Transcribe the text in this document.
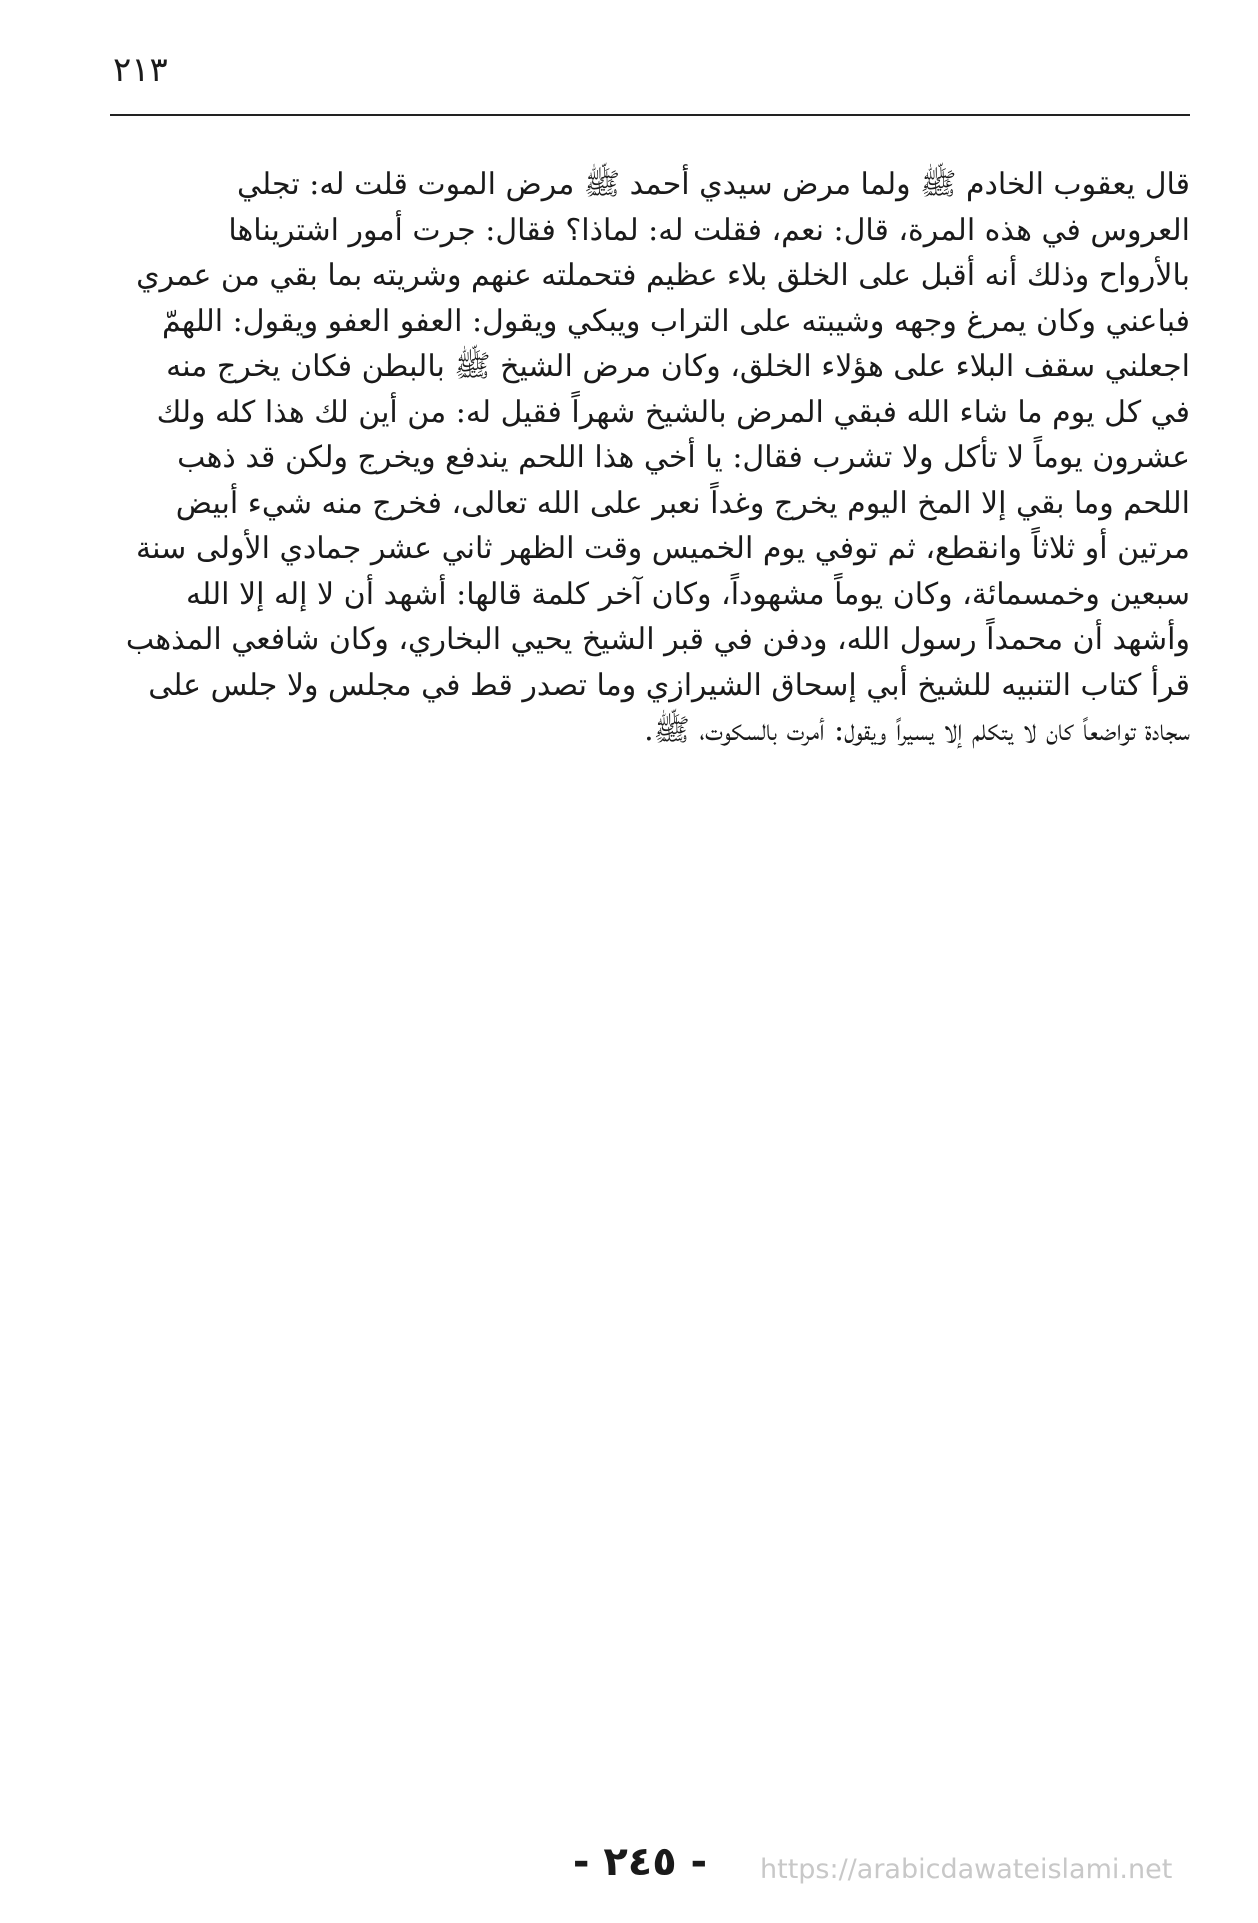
٢١٣
قال يعقوب الخادم ﷺ ولما مرض سيدي أحمد ﷺ مرض الموت قلت له: تجلي
العروس في هذه المرة، قال: نعم، فقلت له: لماذا؟ فقال: جرت أمور اشتريناها
بالأرواح وذلك أنه أقبل على الخلق بلاء عظيم فتحملته عنهم وشريته بما بقي من عمري
فباعني وكان يمرغ وجهه وشيبته على التراب ويبكي ويقول: العفو العفو ويقول: اللهمّ
اجعلني سقف البلاء على هؤلاء الخلق، وكان مرض الشيخ ﷺ بالبطن فكان يخرج منه
في كل يوم ما شاء الله فبقي المرض بالشيخ شهراً فقيل له: من أين لك هذا كله ولك
عشرون يوماً لا تأكل ولا تشرب فقال: يا أخي هذا اللحم يندفع ويخرج ولكن قد ذهب
اللحم وما بقي إلا المخ اليوم يخرج وغداً نعبر على الله تعالى، فخرج منه شيء أبيض
مرتين أو ثلاثاً وانقطع، ثم توفي يوم الخميس وقت الظهر ثاني عشر جمادي الأولى سنة
سبعين وخمسمائة، وكان يوماً مشهوداً، وكان آخر كلمة قالها: أشهد أن لا إله إلا الله
وأشهد أن محمداً رسول الله، ودفن في قبر الشيخ يحيي البخاري، وكان شافعي المذهب
قرأ كتاب التنبيه للشيخ أبي إسحاق الشيرازي وما تصدر قط في مجلس ولا جلس على
سجادة تواضعاً كان لا يتكلم إلا يسيراً ويقول: أمرت بالسكوت، ﷺ.
- ٢٤٥ -	https://arabicdawateislami.net
